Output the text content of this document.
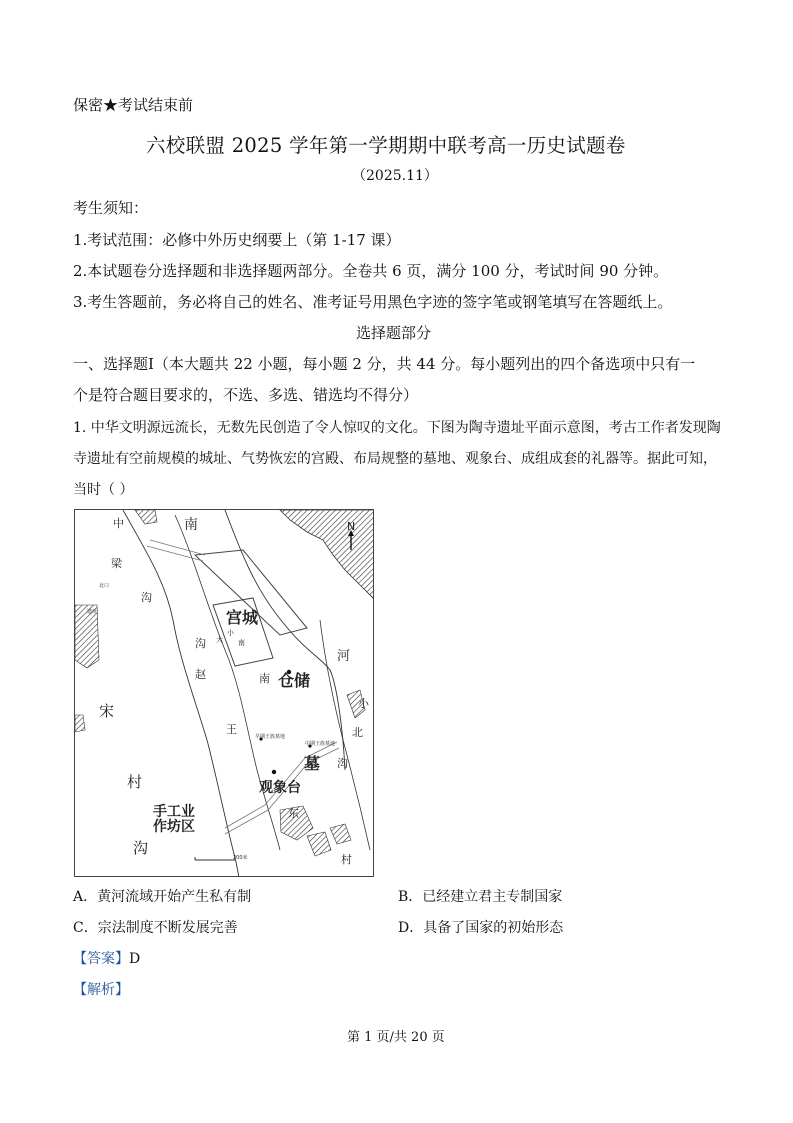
保密★考试结束前
六校联盟 2025 学年第一学期期中联考高一历史试题卷
（2025.11）
考生须知：
1.考试范围：必修中外历史纲要上（第 1-17 课）
2.本试题卷分选择题和非选择题两部分。全卷共 6 页，满分 100 分，考试时间 90 分钟。
3.考生答题前，务必将自己的姓名、准考证号用黑色字迹的签字笔或钢笔填写在答题纸上。
选择题部分
一、选择题Ⅰ（本大题共 22 小题，每小题 2 分，共 44 分。每小题列出的四个备选项中只有一
个是符合题目要求的，不选、多选、错选均不得分）
1. 中华文明源远流长，无数先民创造了令人惊叹的文化。下图为陶寺遗址平面示意图，考古工作者发现陶
寺遗址有空前规模的城址、气势恢宏的宫殿、布局规整的墓地、观象台、成组成套的礼器等。据此可知，
当时（ ）
N
宫城
仓储
墓
观象台
手工业
作坊区
中	南
梁
沟
宋
村
沟
赵
王
沟
河
南
小
北
沟
东
村
小
南
大
北口
遗址
早期王族墓地
中期王族墓地
200米
A．黄河流域开始产生私有制	B．已经建立君主专制国家
C．宗法制度不断发展完善	D．具备了国家的初始形态
【答案】D
【解析】
第 1 页/共 20 页
